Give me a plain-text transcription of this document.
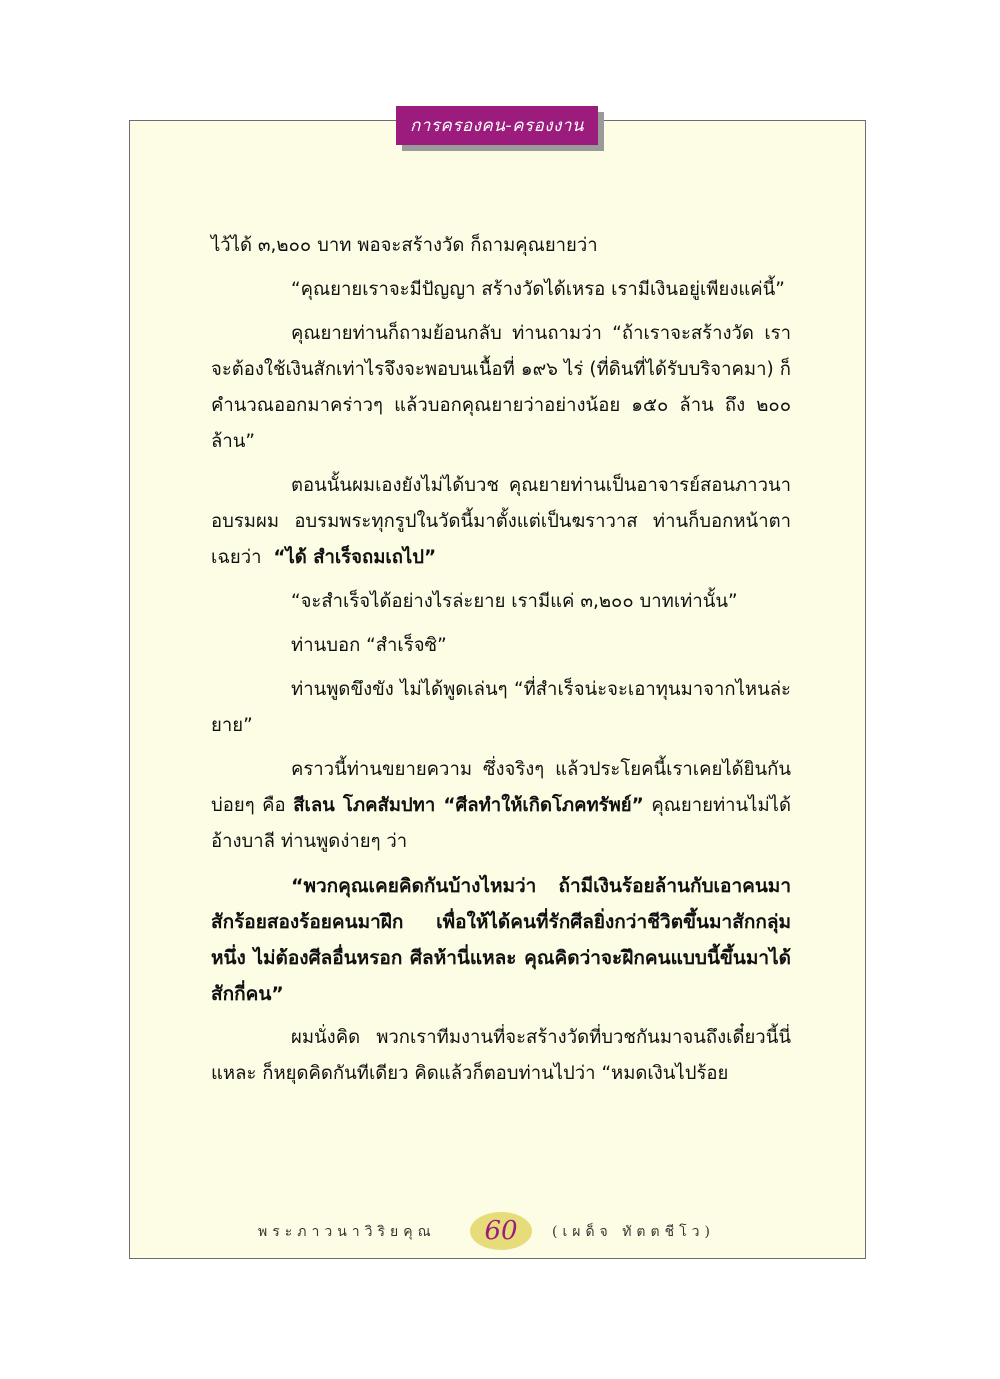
การครองคน-ครองงาน

ไว้ได้ ๓,๒๐๐ บาท พอจะสร้างวัด ก็ถามคุณยายว่า

“คุณยายเราจะมีปัญญา สร้างวัดได้เหรอ เรามีเงินอยู่เพียงแค่นี้”

คุณยายท่านก็ถามย้อนกลับ ท่านถามว่า “ถ้าเราจะสร้างวัด เราจะต้องใช้เงินสักเท่าไรจึงจะพอบนเนื้อที่ ๑๙๖ ไร่ (ที่ดินที่ได้รับบริจาคมา) ก็คำนวณออกมาคร่าวๆ แล้วบอกคุณยายว่าอย่างน้อย ๑๕๐ ล้าน ถึง ๒๐๐ ล้าน”

ตอนนั้นผมเองยังไม่ได้บวช คุณยายท่านเป็นอาจารย์สอนภาวนา อบรมผม อบรมพระทุกรูปในวัดนี้มาตั้งแต่เป็นฆราวาส ท่านก็บอกหน้าตาเฉยว่า “ได้ สำเร็จถมเถไป”

“จะสำเร็จได้อย่างไรล่ะยาย เรามีแค่ ๓,๒๐๐ บาทเท่านั้น”

ท่านบอก “สำเร็จซิ”

ท่านพูดขึงขัง ไม่ได้พูดเล่นๆ “ที่สำเร็จน่ะจะเอาทุนมาจากไหนล่ะยาย”

คราวนี้ท่านขยายความ ซึ่งจริงๆ แล้วประโยคนี้เราเคยได้ยินกันบ่อยๆ คือ สีเลน โภคสัมปทา “ศีลทำให้เกิดโภคทรัพย์” คุณยายท่านไม่ได้อ้างบาลี ท่านพูดง่ายๆ ว่า

“พวกคุณเคยคิดกันบ้างไหมว่า ถ้ามีเงินร้อยล้านกับเอาคนมาสักร้อยสองร้อยคนมาฝึก เพื่อให้ได้คนที่รักศีลยิ่งกว่าชีวิตขึ้นมาสักกลุ่มหนึ่ง ไม่ต้องศีลอื่นหรอก ศีลห้านี่แหละ คุณคิดว่าจะฝึกคนแบบนี้ขึ้นมาได้สักกี่คน”

ผมนั่งคิด พวกเราทีมงานที่จะสร้างวัดที่บวชกันมาจนถึงเดี๋ยวนี้นี่แหละ ก็หยุดคิดกันทีเดียว คิดแล้วก็ตอบท่านไปว่า “หมดเงินไปร้อย

พระภาวนาวิริยคุณ 60 (เผด็จ ทัตตชีโว)
